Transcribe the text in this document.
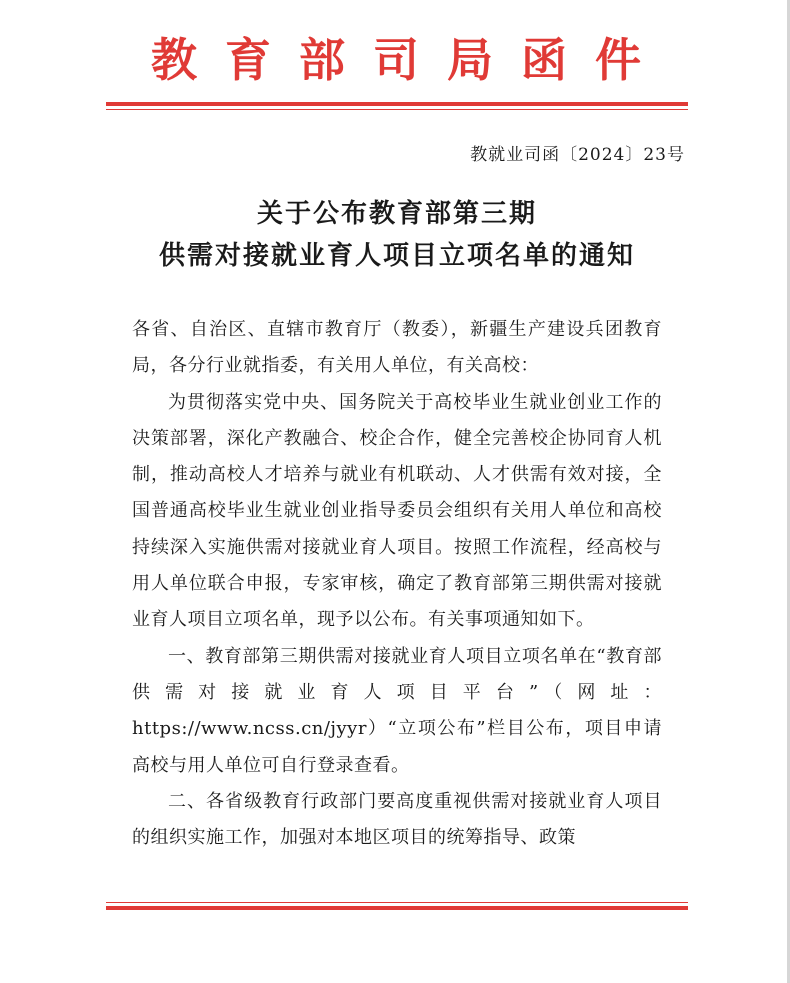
教育部司局函件
教就业司函〔2024〕23号
关于公布教育部第三期
供需对接就业育人项目立项名单的通知

各省、自治区、直辖市教育厅（教委），新疆生产建设兵团教育局，各分行业就指委，有关用人单位，有关高校：

为贯彻落实党中央、国务院关于高校毕业生就业创业工作的决策部署，深化产教融合、校企合作，健全完善校企协同育人机制，推动高校人才培养与就业有机联动、人才供需有效对接，全国普通高校毕业生就业创业指导委员会组织有关用人单位和高校持续深入实施供需对接就业育人项目。按照工作流程，经高校与用人单位联合申报，专家审核，确定了教育部第三期供需对接就业育人项目立项名单，现予以公布。有关事项通知如下。

一、教育部第三期供需对接就业育人项目立项名单在“教育部供需对接就业育人项目平台”（网址：https://www.ncss.cn/jyyr）“立项公布”栏目公布，项目申请高校与用人单位可自行登录查看。

二、各省级教育行政部门要高度重视供需对接就业育人项目的组织实施工作，加强对本地区项目的统筹指导、政策
